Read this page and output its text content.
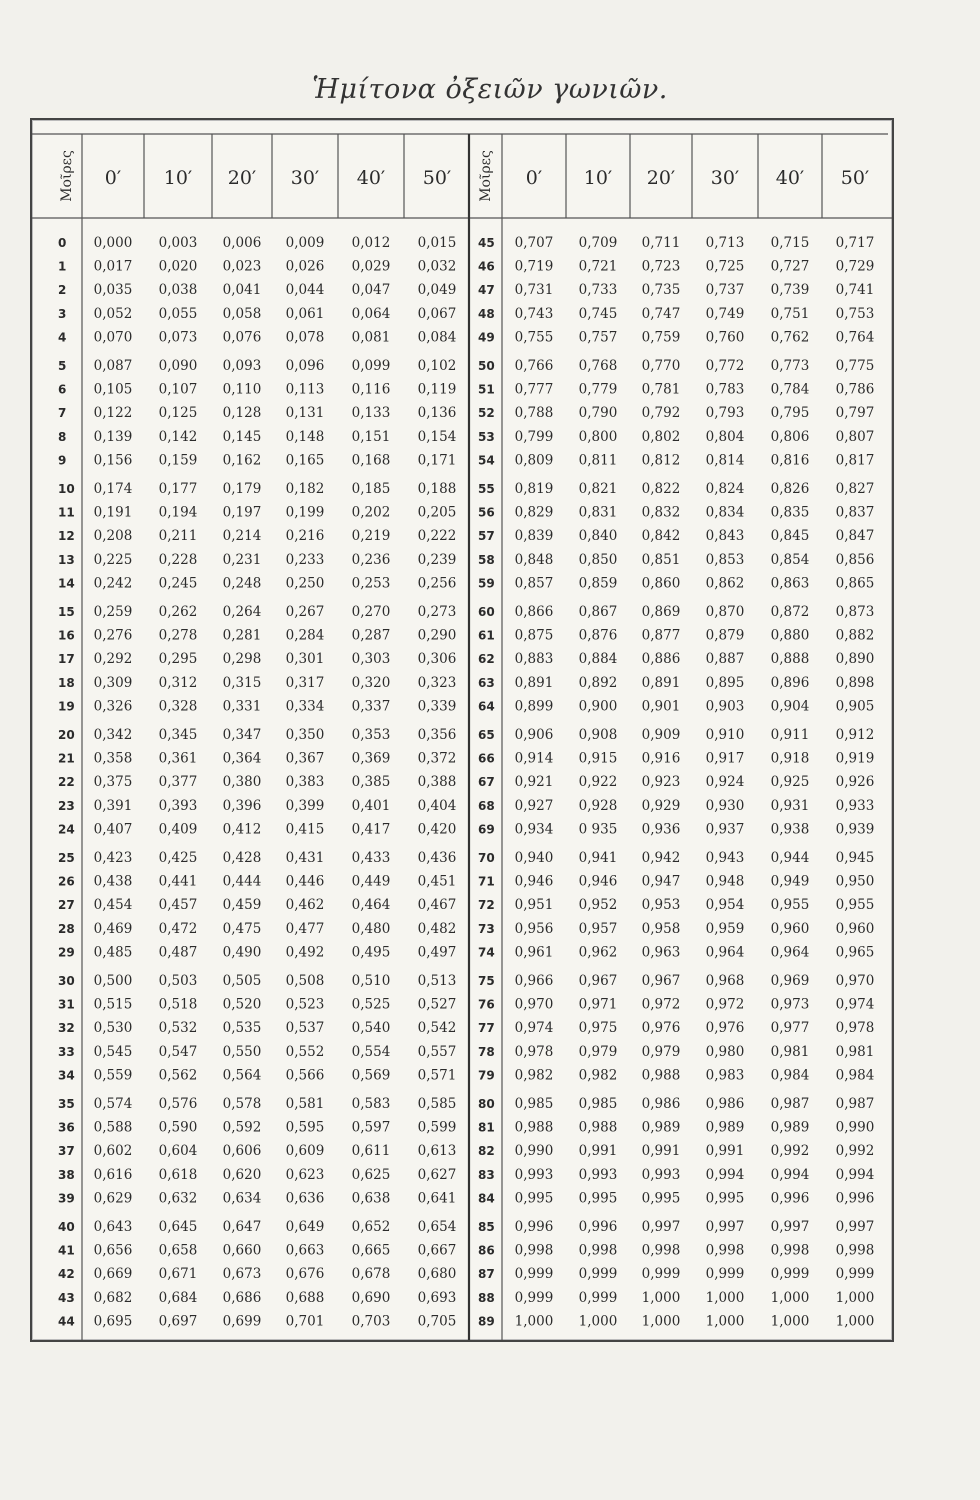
Ἡμίτονα ὀξειῶν γωνιῶν.
Μοῖρες 0′ 10′ 20′ 30′ 40′ 50′
0 0,000 0,003 0,006 0,009 0,012 0,015
1 0,017 0,020 0,023 0,026 0,029 0,032
2 0,035 0,038 0,041 0,044 0,047 0,049
3 0,052 0,055 0,058 0,061 0,064 0,067
4 0,070 0,073 0,076 0,078 0,081 0,084
5 0,087 0,090 0,093 0,096 0,099 0,102
6 0,105 0,107 0,110 0,113 0,116 0,119
7 0,122 0,125 0,128 0,131 0,133 0,136
8 0,139 0,142 0,145 0,148 0,151 0,154
9 0,156 0,159 0,162 0,165 0,168 0,171
10 0,174 0,177 0,179 0,182 0,185 0,188
11 0,191 0,194 0,197 0,199 0,202 0,205
12 0,208 0,211 0,214 0,216 0,219 0,222
13 0,225 0,228 0,231 0,233 0,236 0,239
14 0,242 0,245 0,248 0,250 0,253 0,256
15 0,259 0,262 0,264 0,267 0,270 0,273
16 0,276 0,278 0,281 0,284 0,287 0,290
17 0,292 0,295 0,298 0,301 0,303 0,306
18 0,309 0,312 0,315 0,317 0,320 0,323
19 0,326 0,328 0,331 0,334 0,337 0,339
20 0,342 0,345 0,347 0,350 0,353 0,356
21 0,358 0,361 0,364 0,367 0,369 0,372
22 0,375 0,377 0,380 0,383 0,385 0,388
23 0,391 0,393 0,396 0,399 0,401 0,404
24 0,407 0,409 0,412 0,415 0,417 0,420
25 0,423 0,425 0,428 0,431 0,433 0,436
26 0,438 0,441 0,444 0,446 0,449 0,451
27 0,454 0,457 0,459 0,462 0,464 0,467
28 0,469 0,472 0,475 0,477 0,480 0,482
29 0,485 0,487 0,490 0,492 0,495 0,497
30 0,500 0,503 0,505 0,508 0,510 0,513
31 0,515 0,518 0,520 0,523 0,525 0,527
32 0,530 0,532 0,535 0,537 0,540 0,542
33 0,545 0,547 0,550 0,552 0,554 0,557
34 0,559 0,562 0,564 0,566 0,569 0,571
35 0,574 0,576 0,578 0,581 0,583 0,585
36 0,588 0,590 0,592 0,595 0,597 0,599
37 0,602 0,604 0,606 0,609 0,611 0,613
38 0,616 0,618 0,620 0,623 0,625 0,627
39 0,629 0,632 0,634 0,636 0,638 0,641
40 0,643 0,645 0,647 0,649 0,652 0,654
41 0,656 0,658 0,660 0,663 0,665 0,667
42 0,669 0,671 0,673 0,676 0,678 0,680
43 0,682 0,684 0,686 0,688 0,690 0,693
44 0,695 0,697 0,699 0,701 0,703 0,705
Μοῖρες 0′ 10′ 20′ 30′ 40′ 50′
45 0,707 0,709 0,711 0,713 0,715 0,717
46 0,719 0,721 0,723 0,725 0,727 0,729
47 0,731 0,733 0,735 0,737 0,739 0,741
48 0,743 0,745 0,747 0,749 0,751 0,753
49 0,755 0,757 0,759 0,760 0,762 0,764
50 0,766 0,768 0,770 0,772 0,773 0,775
51 0,777 0,779 0,781 0,783 0,784 0,786
52 0,788 0,790 0,792 0,793 0,795 0,797
53 0,799 0,800 0,802 0,804 0,806 0,807
54 0,809 0,811 0,812 0,814 0,816 0,817
55 0,819 0,821 0,822 0,824 0,826 0,827
56 0,829 0,831 0,832 0,834 0,835 0,837
57 0,839 0,840 0,842 0,843 0,845 0,847
58 0,848 0,850 0,851 0,853 0,854 0,856
59 0,857 0,859 0,860 0,862 0,863 0,865
60 0,866 0,867 0,869 0,870 0,872 0,873
61 0,875 0,876 0,877 0,879 0,880 0,882
62 0,883 0,884 0,886 0,887 0,888 0,890
63 0,891 0,892 0,891 0,895 0,896 0,898
64 0,899 0,900 0,901 0,903 0,904 0,905
65 0,906 0,908 0,909 0,910 0,911 0,912
66 0,914 0,915 0,916 0,917 0,918 0,919
67 0,921 0,922 0,923 0,924 0,925 0,926
68 0,927 0,928 0,929 0,930 0,931 0,933
69 0,934 0 935 0,936 0,937 0,938 0,939
70 0,940 0,941 0,942 0,943 0,944 0,945
71 0,946 0,946 0,947 0,948 0,949 0,950
72 0,951 0,952 0,953 0,954 0,955 0,955
73 0,956 0,957 0,958 0,959 0,960 0,960
74 0,961 0,962 0,963 0,964 0,964 0,965
75 0,966 0,967 0,967 0,968 0,969 0,970
76 0,970 0,971 0,972 0,972 0,973 0,974
77 0,974 0,975 0,976 0,976 0,977 0,978
78 0,978 0,979 0,979 0,980 0,981 0,981
79 0,982 0,982 0,988 0,983 0,984 0,984
80 0,985 0,985 0,986 0,986 0,987 0,987
81 0,988 0,988 0,989 0,989 0,989 0,990
82 0,990 0,991 0,991 0,991 0,992 0,992
83 0,993 0,993 0,993 0,994 0,994 0,994
84 0,995 0,995 0,995 0,995 0,996 0,996
85 0,996 0,996 0,997 0,997 0,997 0,997
86 0,998 0,998 0,998 0,998 0,998 0,998
87 0,999 0,999 0,999 0,999 0,999 0,999
88 0,999 0,999 1,000 1,000 1,000 1,000
89 1,000 1,000 1,000 1,000 1,000 1,000
